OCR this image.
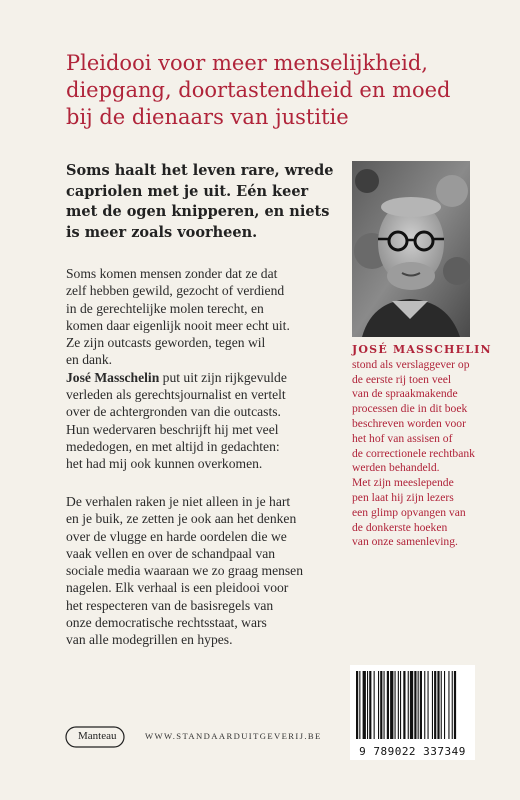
Pleidooi voor meer menselijkheid,
diepgang, doortastendheid en moed
bij de dienaars van justitie
Soms haalt het leven rare, wrede
capriolen met je uit. Eén keer
met de ogen knipperen, en niets
is meer zoals voorheen.
Soms komen mensen zonder dat ze dat
zelf hebben gewild, gezocht of verdiend
in de gerechtelijke molen terecht, en
komen daar eigenlijk nooit meer echt uit.
Ze zijn outcasts geworden, tegen wil
en dank.
José Masschelin put uit zijn rijkgevulde
verleden als gerechtsjournalist en vertelt
over de achtergronden van die outcasts.
Hun wedervaren beschrijft hij met veel
mededogen, en met altijd in gedachten:
het had mij ook kunnen overkomen.
De verhalen raken je niet alleen in je hart
en je buik, ze zetten je ook aan het denken
over de vlugge en harde oordelen die we
vaak vellen en over de schandpaal van
sociale media waaraan we zo graag mensen
nagelen. Elk verhaal is een pleidooi voor
het respecteren van de basisregels van
onze democratische rechtsstaat, wars
van alle modegrillen en hypes.
JOSÉ MASSCHELIN
stond als verslaggever op
de eerste rij toen veel
van de spraakmakende
processen die in dit boek
beschreven worden voor
het hof van assisen of
de correctionele rechtbank
werden behandeld.
Met zijn meeslepende
pen laat hij zijn lezers
een glimp opvangen van
de donkerste hoeken
van onze samenleving.
Manteau	WWW.STANDAARDUITGEVERIJ.BE
9 789022 337349
